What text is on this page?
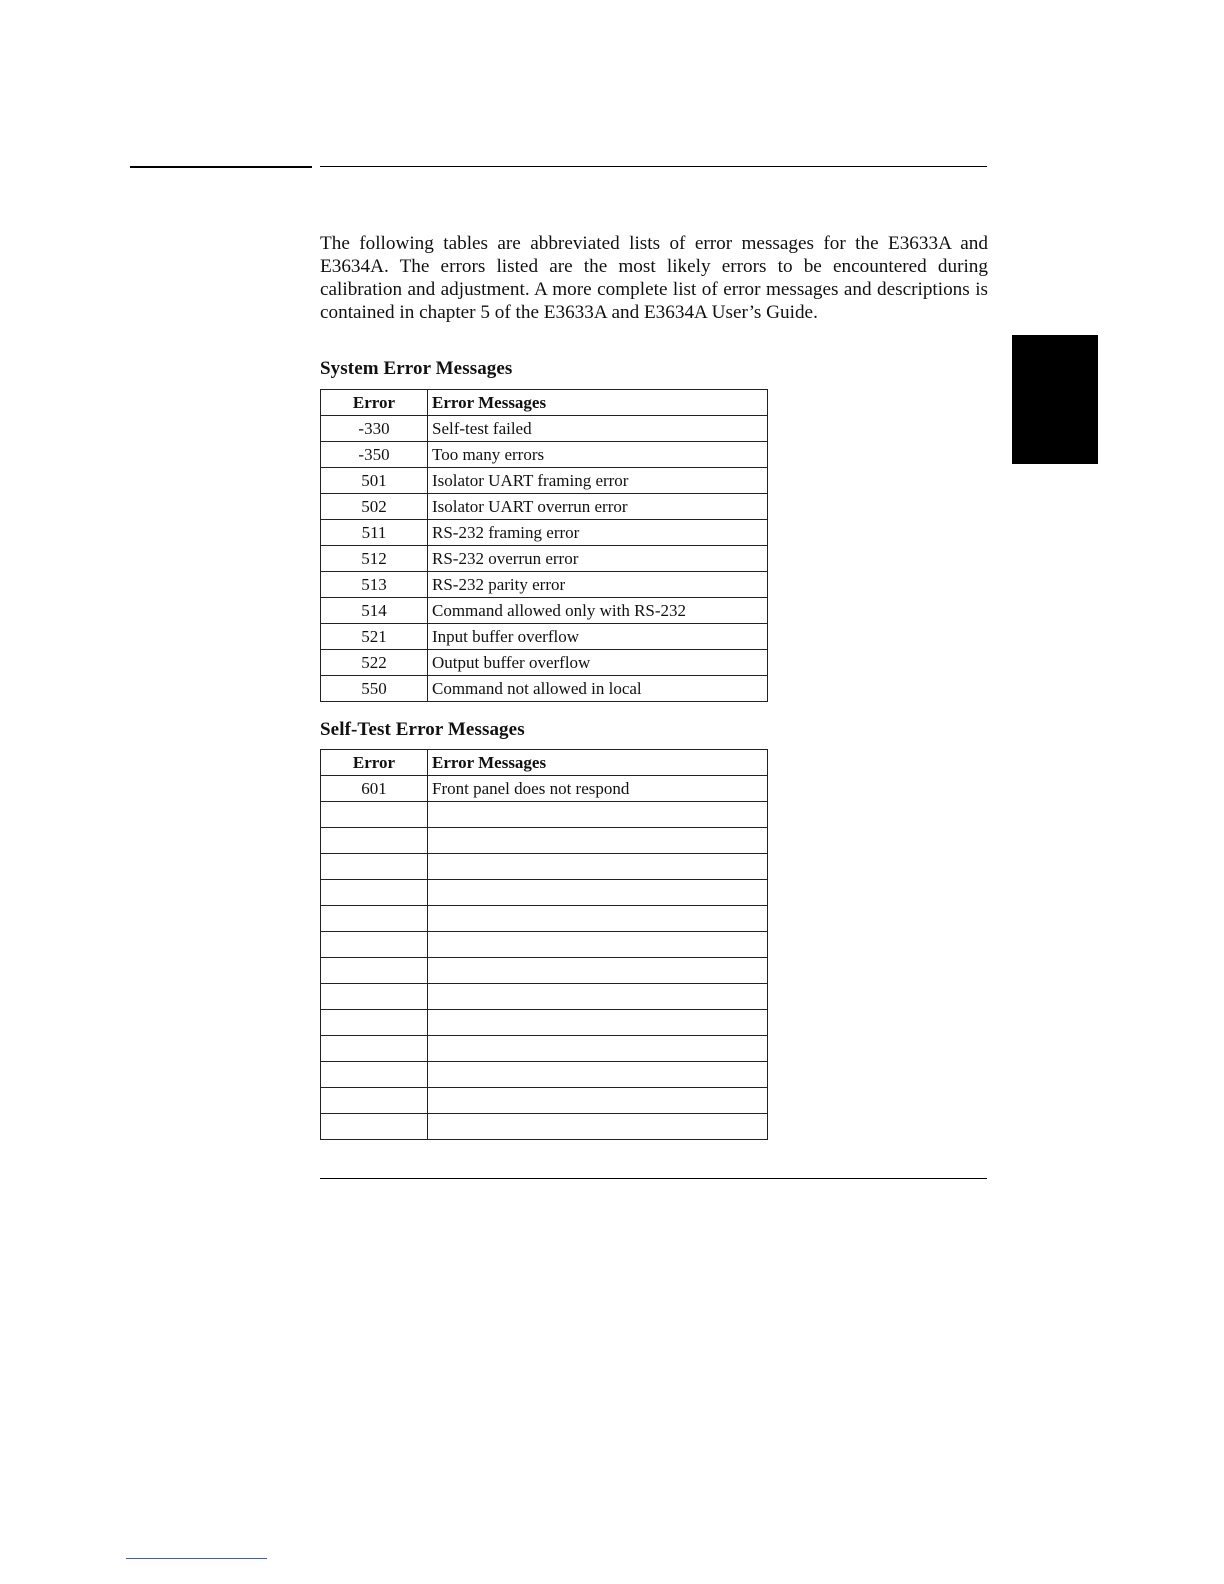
The following tables are abbreviated lists of error messages for the E3633A and E3634A. The errors listed are the most likely errors to be encountered during calibration and adjustment. A more complete list of error messages and descriptions is contained in chapter 5 of the E3633A and E3634A User’s Guide.

System Error Messages
Error	Error Messages
-330	Self-test failed
-350	Too many errors
501	Isolator UART framing error
502	Isolator UART overrun error
511	RS-232 framing error
512	RS-232 overrun error
513	RS-232 parity error
514	Command allowed only with RS-232
521	Input buffer overflow
522	Output buffer overflow
550	Command not allowed in local
Self-Test Error Messages
Error	Error Messages
601	Front panel does not respond
